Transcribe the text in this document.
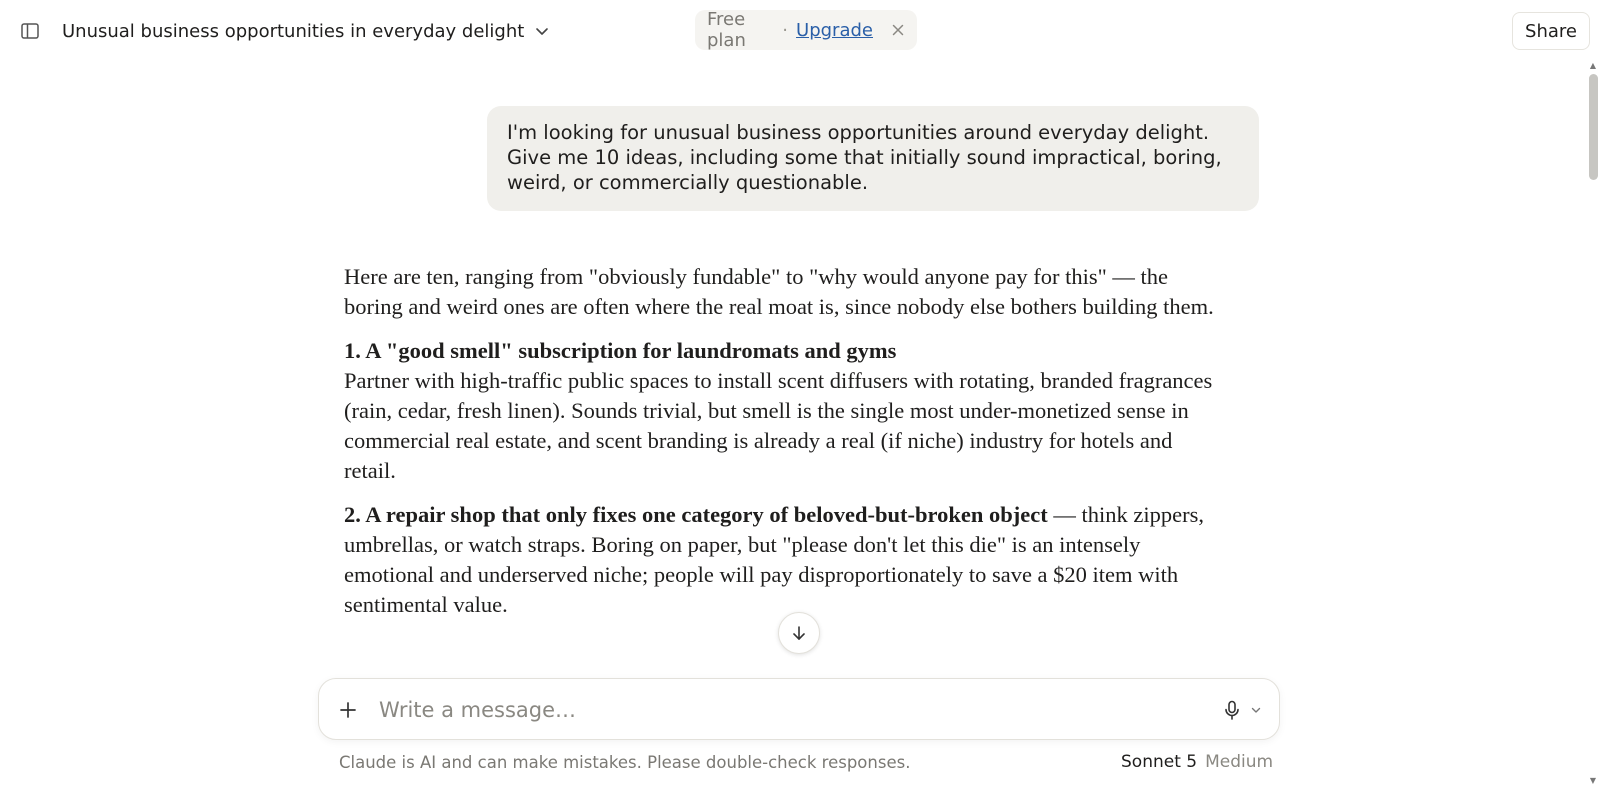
Unusual business opportunities in everyday delight
Free plan	· Upgrade	Share
▲
▼
I'm looking for unusual business opportunities around everyday delight. Give me 10 ideas, including some that initially sound impractical, boring, weird, or commercially questionable.

Here are ten, ranging from "obviously fundable" to "why would anyone pay for this" — the boring and weird ones are often where the real moat is, since nobody else bothers building them.

1. A "good smell" subscription for laundromats and gyms
Partner with high-traffic public spaces to install scent diffusers with rotating, branded fragrances (rain, cedar, fresh linen). Sounds trivial, but smell is the single most under-monetized sense in commercial real estate, and scent branding is already a real (if niche) industry for hotels and retail.

2. A repair shop that only fixes one category of beloved-but-broken object — think zippers, umbrellas, or watch straps. Boring on paper, but "please don't let this die" is an intensely emotional and underserved niche; people will pay disproportionately to save a $20 item with sentimental value.

Write a message…
Claude is AI and can make mistakes. Please double-check responses.	Sonnet 5 Medium
